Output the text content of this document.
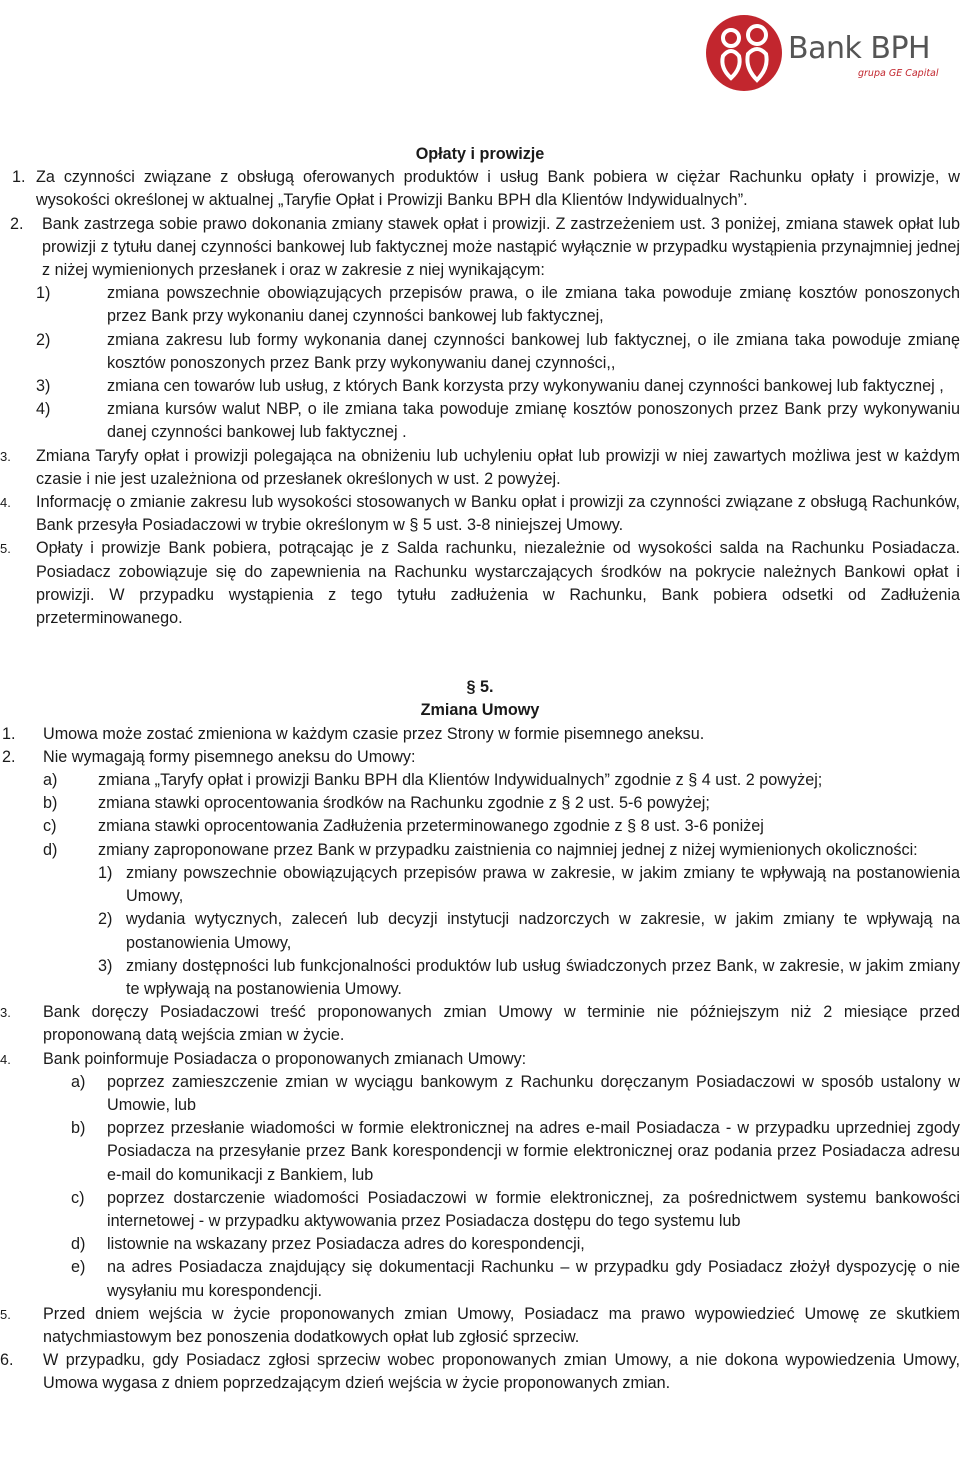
Bank BPH
grupa GE Capital
Opłaty i prowizje
1. Za czynności związane z obsługą oferowanych produktów i usług Bank pobiera w ciężar Rachunku opłaty i prowizje, w wysokości określonej w aktualnej „Taryfie Opłat i Prowizji Banku BPH dla Klientów Indywidualnych”.
2. Bank zastrzega sobie prawo dokonania zmiany stawek opłat i prowizji. Z zastrzeżeniem ust. 3 poniżej, zmiana stawek opłat lub prowizji z tytułu danej czynności bankowej lub faktycznej może nastąpić wyłącznie w przypadku wystąpienia przynajmniej jednej z niżej wymienionych przesłanek i oraz w zakresie z niej wynikającym:
1)	zmiana powszechnie obowiązujących przepisów prawa, o ile zmiana taka powoduje zmianę kosztów ponoszonych przez Bank przy wykonaniu danej czynności bankowej lub faktycznej,
2)	zmiana zakresu lub formy wykonania danej czynności bankowej lub faktycznej, o ile zmiana taka powoduje zmianę kosztów ponoszonych przez Bank przy wykonywaniu danej czynności,,
3)	zmiana cen towarów lub usług, z których Bank korzysta przy wykonywaniu danej czynności bankowej lub faktycznej ,
4)	zmiana kursów walut NBP, o ile zmiana taka powoduje zmianę kosztów ponoszonych przez Bank przy wykonywaniu danej czynności bankowej lub faktycznej .
3. Zmiana Taryfy opłat i prowizji polegająca na obniżeniu lub uchyleniu opłat lub prowizji w niej zawartych możliwa jest w każdym czasie i nie jest uzależniona od przesłanek określonych w ust. 2 powyżej.
4. Informację o zmianie zakresu lub wysokości stosowanych w Banku opłat i prowizji za czynności związane z obsługą Rachunków, Bank przesyła Posiadaczowi w trybie określonym w § 5 ust. 3-8 niniejszej Umowy.
5. Opłaty i prowizje Bank pobiera, potrącając je z Salda rachunku, niezależnie od wysokości salda na Rachunku Posiadacza. Posiadacz zobowiązuje się do zapewnienia na Rachunku wystarczających środków na pokrycie należnych Bankowi opłat i prowizji. W przypadku wystąpienia z tego tytułu zadłużenia w Rachunku, Bank pobiera odsetki od Zadłużenia przeterminowanego.
§ 5.
Zmiana Umowy
1. Umowa może zostać zmieniona w każdym czasie przez Strony w formie pisemnego aneksu.
2. Nie wymagają formy pisemnego aneksu do Umowy:
a)	zmiana „Taryfy opłat i prowizji Banku BPH dla Klientów Indywidualnych” zgodnie z § 4 ust. 2 powyżej;
b)	zmiana stawki oprocentowania środków na Rachunku zgodnie z § 2 ust. 5-6 powyżej;
c)	zmiana stawki oprocentowania Zadłużenia przeterminowanego zgodnie z § 8 ust. 3-6 poniżej
d)	zmiany zaproponowane przez Bank w przypadku zaistnienia co najmniej jednej z niżej wymienionych okoliczności:
1) zmiany powszechnie obowiązujących przepisów prawa w zakresie, w jakim zmiany te wpływają na postanowienia Umowy,
2) wydania wytycznych, zaleceń lub decyzji instytucji nadzorczych w zakresie, w jakim zmiany te wpływają na postanowienia Umowy,
3) zmiany dostępności lub funkcjonalności produktów lub usług świadczonych przez Bank, w zakresie, w jakim zmiany te wpływają na postanowienia Umowy.
3. Bank doręczy Posiadaczowi treść proponowanych zmian Umowy w terminie nie późniejszym niż 2 miesiące przed proponowaną datą wejścia zmian w życie.
4. Bank poinformuje Posiadacza o proponowanych zmianach Umowy:
a) poprzez zamieszczenie zmian w wyciągu bankowym z Rachunku doręczanym Posiadaczowi w sposób ustalony w Umowie, lub
b) poprzez przesłanie wiadomości w formie elektronicznej na adres e-mail Posiadacza - w przypadku uprzedniej zgody Posiadacza na przesyłanie przez Bank korespondencji w formie elektronicznej oraz podania przez Posiadacza adresu e-mail do komunikacji z Bankiem, lub
c) poprzez dostarczenie wiadomości Posiadaczowi w formie elektronicznej, za pośrednictwem systemu bankowości internetowej - w przypadku aktywowania przez Posiadacza dostępu do tego systemu lub
d) listownie na wskazany przez Posiadacza adres do korespondencji,
e) na adres Posiadacza znajdujący się dokumentacji Rachunku – w przypadku gdy Posiadacz złożył dyspozycję o nie wysyłaniu mu korespondencji.
5. Przed dniem wejścia w życie proponowanych zmian Umowy, Posiadacz ma prawo wypowiedzieć Umowę ze skutkiem natychmiastowym bez ponoszenia dodatkowych opłat lub zgłosić sprzeciw.
6. W przypadku, gdy Posiadacz zgłosi sprzeciw wobec proponowanych zmian Umowy, a nie dokona wypowiedzenia Umowy, Umowa wygasa z dniem poprzedzającym dzień wejścia w życie proponowanych zmian.
